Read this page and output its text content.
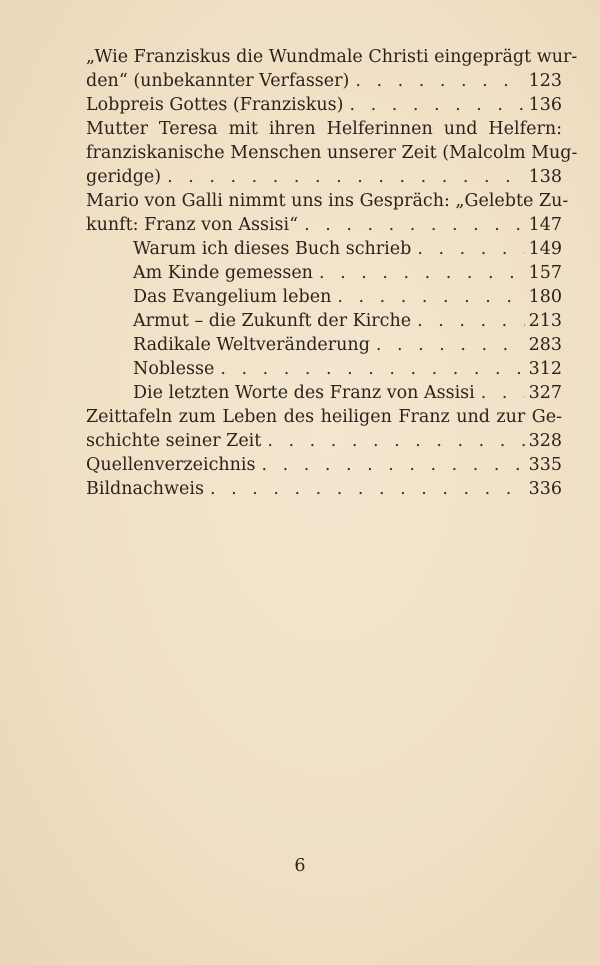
„Wie Franziskus die Wundmale Christi eingeprägt wur-
den“ (unbekannter Verfasser) . . .	123
Lobpreis Gottes (Franziskus) . . .	136
Mutter Teresa mit ihren Helferinnen und Helfern:
franziskanische Menschen unserer Zeit (Malcolm Mug-
geridge) . . .	138
Mario von Galli nimmt uns ins Gespräch: „Gelebte Zu-
kunft: Franz von Assisi“ . . .	147
Warum ich dieses Buch schrieb . . .	149
Am Kinde gemessen . . .	157
Das Evangelium leben . . .	180
Armut – die Zukunft der Kirche . . .	213
Radikale Weltveränderung . . .	283
Noblesse . . .	312
Die letzten Worte des Franz von Assisi . . .	327
Zeittafeln zum Leben des heiligen Franz und zur Ge-
schichte seiner Zeit . . .	328
Quellenverzeichnis . . .	335
Bildnachweis . . .	336
6
